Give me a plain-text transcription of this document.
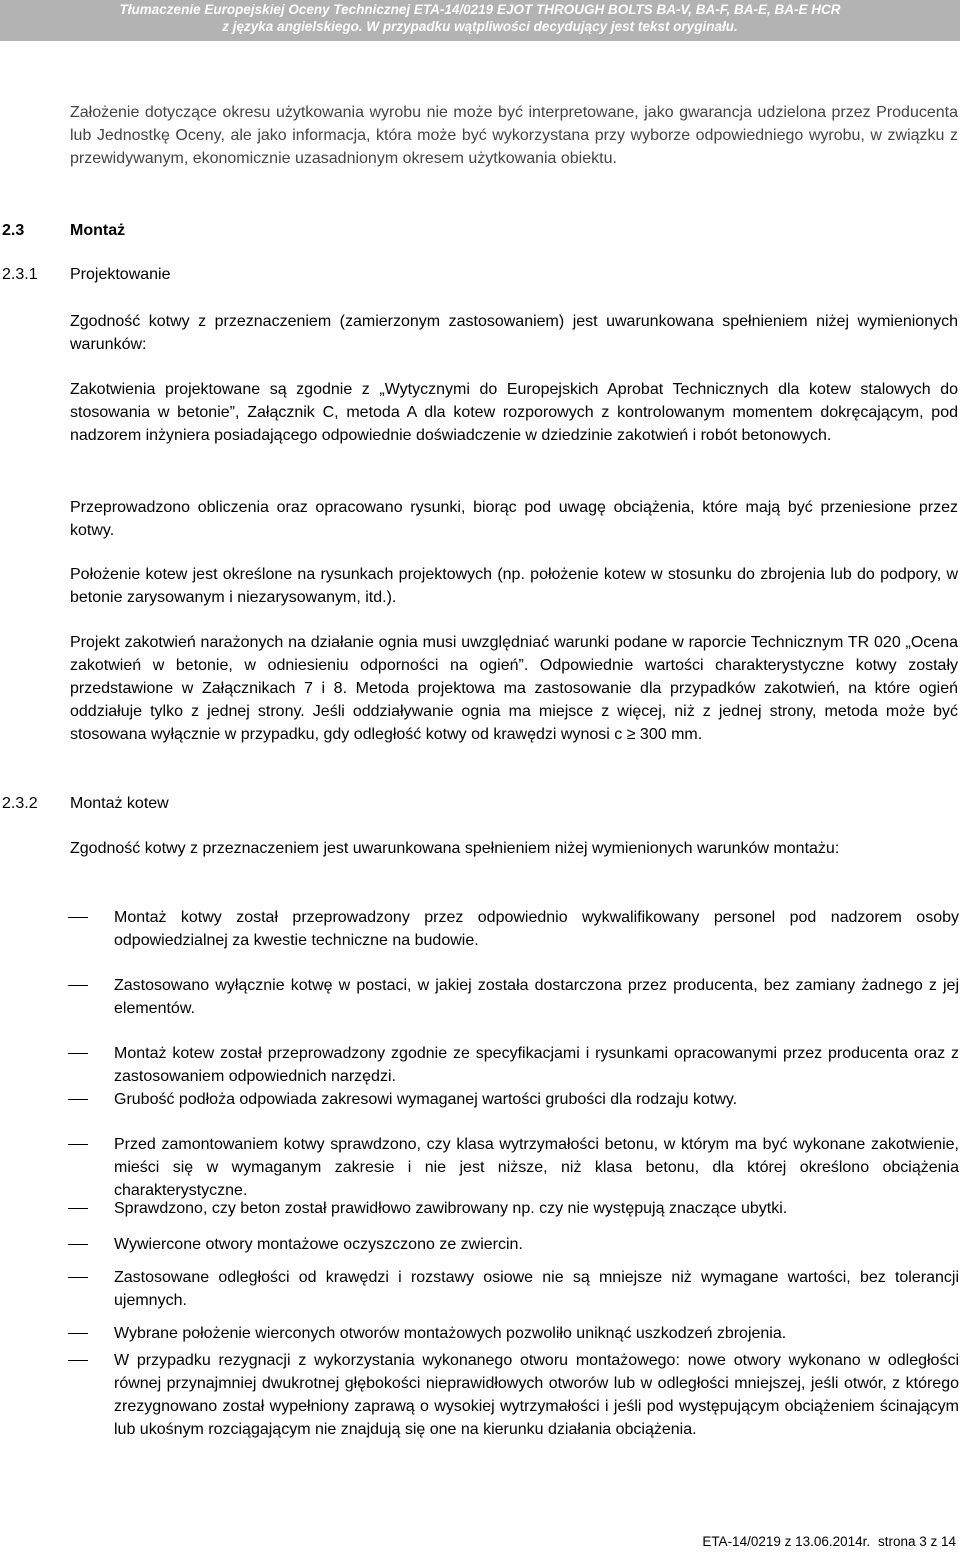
Tłumaczenie Europejskiej Oceny Technicznej ETA-14/0219 EJOT THROUGH BOLTS BA-V, BA-F, BA-E, BA-E HCR
z języka angielskiego. W przypadku wątpliwości decydujący jest tekst oryginału.
Założenie dotyczące okresu użytkowania wyrobu nie może być interpretowane, jako gwarancja udzielona przez Producenta lub Jednostkę Oceny, ale jako informacja, która może być wykorzystana przy wyborze odpowiedniego wyrobu, w związku z przewidywanym, ekonomicznie uzasadnionym okresem użytkowania obiektu.
2.3	Montaż
2.3.1 Projektowanie
Zgodność kotwy z przeznaczeniem (zamierzonym zastosowaniem) jest uwarunkowana spełnieniem niżej wymienionych warunków:
Zakotwienia projektowane są zgodnie z „Wytycznymi do Europejskich Aprobat Technicznych dla kotew stalowych do stosowania w betonie”, Załącznik C, metoda A dla kotew rozporowych z kontrolowanym momentem dokręcającym, pod nadzorem inżyniera posiadającego odpowiednie doświadczenie w dziedzinie zakotwień i robót betonowych.
Przeprowadzono obliczenia oraz opracowano rysunki, biorąc pod uwagę obciążenia, które mają być przeniesione przez kotwy.
Położenie kotew jest określone na rysunkach projektowych (np. położenie kotew w stosunku do zbrojenia lub do podpory, w betonie zarysowanym i niezarysowanym, itd.).
Projekt zakotwień narażonych na działanie ognia musi uwzględniać warunki podane w raporcie Technicznym TR 020 „Ocena zakotwień w betonie, w odniesieniu odporności na ogień”. Odpowiednie wartości charakterystyczne kotwy zostały przedstawione w Załącznikach 7 i 8. Metoda projektowa ma zastosowanie dla przypadków zakotwień, na które ogień oddziałuje tylko z jednej strony. Jeśli oddziaływanie ognia ma miejsce z więcej, niż z jednej strony, metoda może być stosowana wyłącznie w przypadku, gdy odległość kotwy od krawędzi wynosi c ≥ 300 mm.
2.3.2 Montaż kotew
Zgodność kotwy z przeznaczeniem jest uwarunkowana spełnieniem niżej wymienionych warunków montażu:
Montaż kotwy został przeprowadzony przez odpowiednio wykwalifikowany personel pod nadzorem osoby odpowiedzialnej za kwestie techniczne na budowie.
Zastosowano wyłącznie kotwę w postaci, w jakiej została dostarczona przez producenta, bez zamiany żadnego z jej elementów.
Montaż kotew został przeprowadzony zgodnie ze specyfikacjami i rysunkami opracowanymi przez producenta oraz z zastosowaniem odpowiednich narzędzi.
Grubość podłoża odpowiada zakresowi wymaganej wartości grubości dla rodzaju kotwy.
Przed zamontowaniem kotwy sprawdzono, czy klasa wytrzymałości betonu, w którym ma być wykonane zakotwienie, mieści się w wymaganym zakresie i nie jest niższe, niż klasa betonu, dla której określono obciążenia charakterystyczne.
Sprawdzono, czy beton został prawidłowo zawibrowany np. czy nie występują znaczące ubytki.
Wywiercone otwory montażowe oczyszczono ze zwiercin.
Zastosowane odległości od krawędzi i rozstawy osiowe nie są mniejsze niż wymagane wartości, bez tolerancji ujemnych.
Wybrane położenie wierconych otworów montażowych pozwoliło uniknąć uszkodzeń zbrojenia.
W przypadku rezygnacji z wykorzystania wykonanego otworu montażowego: nowe otwory wykonano w odległości równej przynajmniej dwukrotnej głębokości nieprawidłowych otworów lub w odległości mniejszej, jeśli otwór, z którego zrezygnowano został wypełniony zaprawą o wysokiej wytrzymałości i jeśli pod występującym obciążeniem ścinającym lub ukośnym rozciągającym nie znajdują się one na kierunku działania obciążenia.
ETA-14/0219 z 13.06.2014r. strona 3 z 14
